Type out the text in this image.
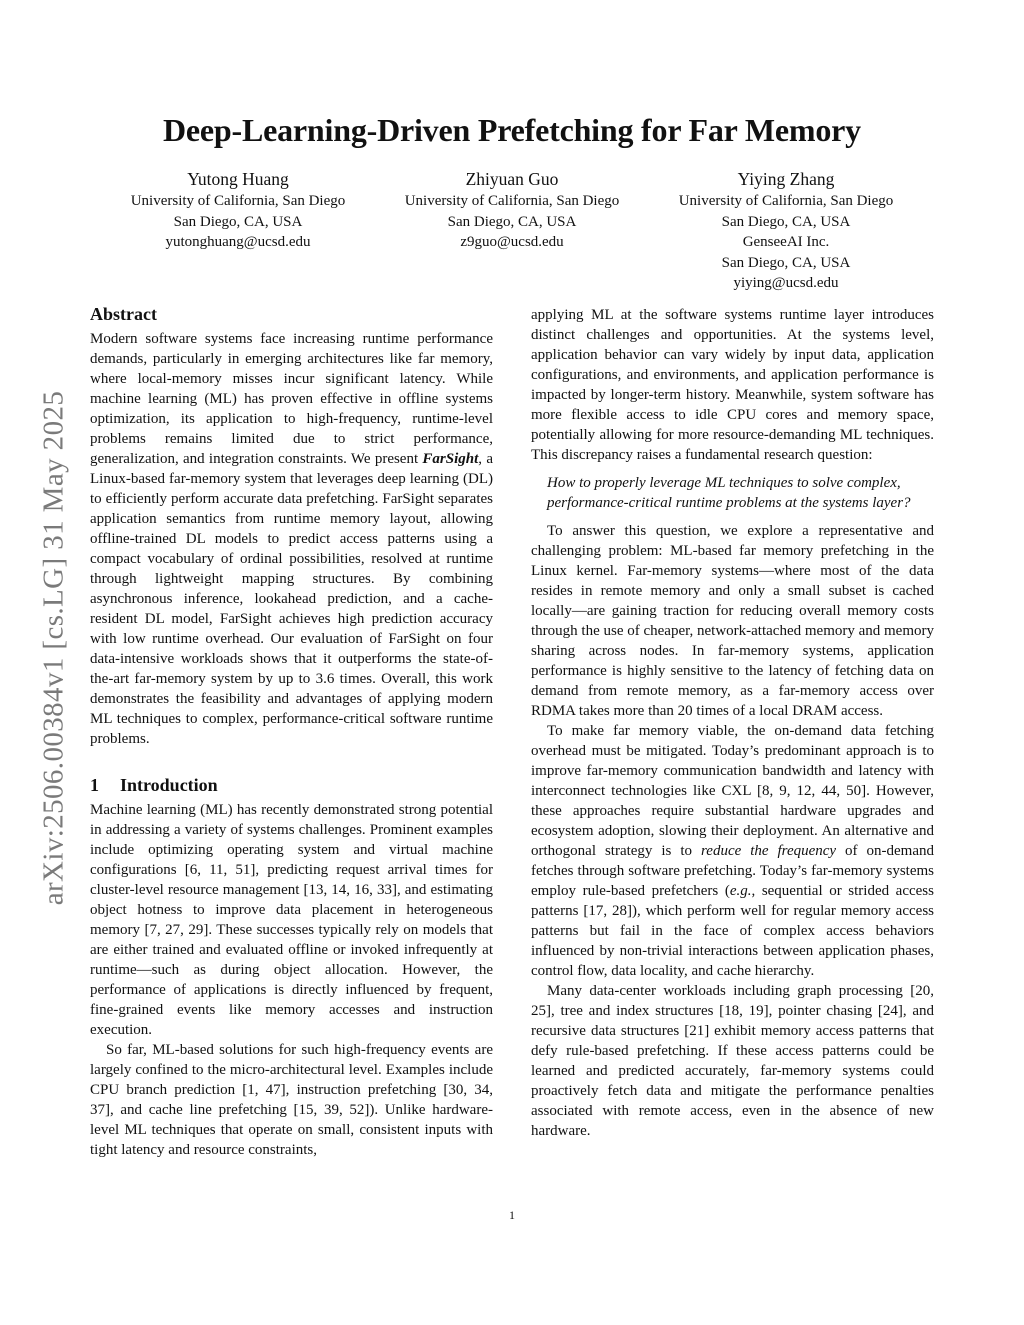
Deep-Learning-Driven Prefetching for Far Memory
arXiv:2506.00384v1 [cs.LG] 31 May 2025
Yutong Huang
University of California, San Diego
San Diego, CA, USA
yutonghuang@ucsd.edu
Zhiyuan Guo
University of California, San Diego
San Diego, CA, USA
z9guo@ucsd.edu
Yiying Zhang
University of California, San Diego
San Diego, CA, USA
GenseeAI Inc.
San Diego, CA, USA
yiying@ucsd.edu
Abstract

Modern software systems face increasing runtime performance demands, particularly in emerging architectures like far memory, where local-memory misses incur significant latency. While machine learning (ML) has proven effective in offline systems optimization, its application to high-frequency, runtime-level problems remains limited due to strict performance, generalization, and integration constraints. We present FarSight, a Linux-based far-memory system that leverages deep learning (DL) to efficiently perform accurate data prefetching. FarSight separates application semantics from runtime memory layout, allowing offline-trained DL models to predict access patterns using a compact vocabulary of ordinal possibilities, resolved at runtime through lightweight mapping structures. By combining asynchronous inference, lookahead prediction, and a cache-resident DL model, FarSight achieves high prediction accuracy with low runtime overhead. Our evaluation of FarSight on four data-intensive workloads shows that it outperforms the state-of-the-art far-memory system by up to 3.6 times. Overall, this work demonstrates the feasibility and advantages of applying modern ML techniques to complex, performance-critical software runtime problems.

1 Introduction

Machine learning (ML) has recently demonstrated strong potential in addressing a variety of systems challenges. Prominent examples include optimizing operating system and virtual machine configurations [6, 11, 51], predicting request arrival times for cluster-level resource management [13, 14, 16, 33], and estimating object hotness to improve data placement in heterogeneous memory [7, 27, 29]. These successes typically rely on models that are either trained and evaluated offline or invoked infrequently at runtime—such as during object allocation. However, the performance of applications is directly influenced by frequent, fine-grained events like memory accesses and instruction execution.

So far, ML-based solutions for such high-frequency events are largely confined to the micro-architectural level. Examples include CPU branch prediction [1, 47], instruction prefetching [30, 34, 37], and cache line prefetching [15, 39, 52]). Unlike hardware-level ML techniques that operate on small, consistent inputs with tight latency and resource constraints,

applying ML at the software systems runtime layer introduces distinct challenges and opportunities. At the systems level, application behavior can vary widely by input data, application configurations, and environments, and application performance is impacted by longer-term history. Meanwhile, system software has more flexible access to idle CPU cores and memory space, potentially allowing for more resource-demanding ML techniques. This discrepancy raises a fundamental research question:

How to properly leverage ML techniques to solve complex, performance-critical runtime problems at the systems layer?

To answer this question, we explore a representative and challenging problem: ML-based far memory prefetching in the Linux kernel. Far-memory systems—where most of the data resides in remote memory and only a small subset is cached locally—are gaining traction for reducing overall memory costs through the use of cheaper, network-attached memory and memory sharing across nodes. In far-memory systems, application performance is highly sensitive to the latency of fetching data on demand from remote memory, as a far-memory access over RDMA takes more than 20 times of a local DRAM access.

To make far memory viable, the on-demand data fetching overhead must be mitigated. Today’s predominant approach is to improve far-memory communication bandwidth and latency with interconnect technologies like CXL [8, 9, 12, 44, 50]. However, these approaches require substantial hardware upgrades and ecosystem adoption, slowing their deployment. An alternative and orthogonal strategy is to reduce the frequency of on-demand fetches through software prefetching. Today’s far-memory systems employ rule-based prefetchers (e.g., sequential or strided access patterns [17, 28]), which perform well for regular memory access patterns but fail in the face of complex access behaviors influenced by non-trivial interactions between application phases, control flow, data locality, and cache hierarchy.

Many data-center workloads including graph processing [20, 25], tree and index structures [18, 19], pointer chasing [24], and recursive data structures [21] exhibit memory access patterns that defy rule-based prefetching. If these access patterns could be learned and predicted accurately, far-memory systems could proactively fetch data and mitigate the performance penalties associated with remote access, even in the absence of new hardware.

1
